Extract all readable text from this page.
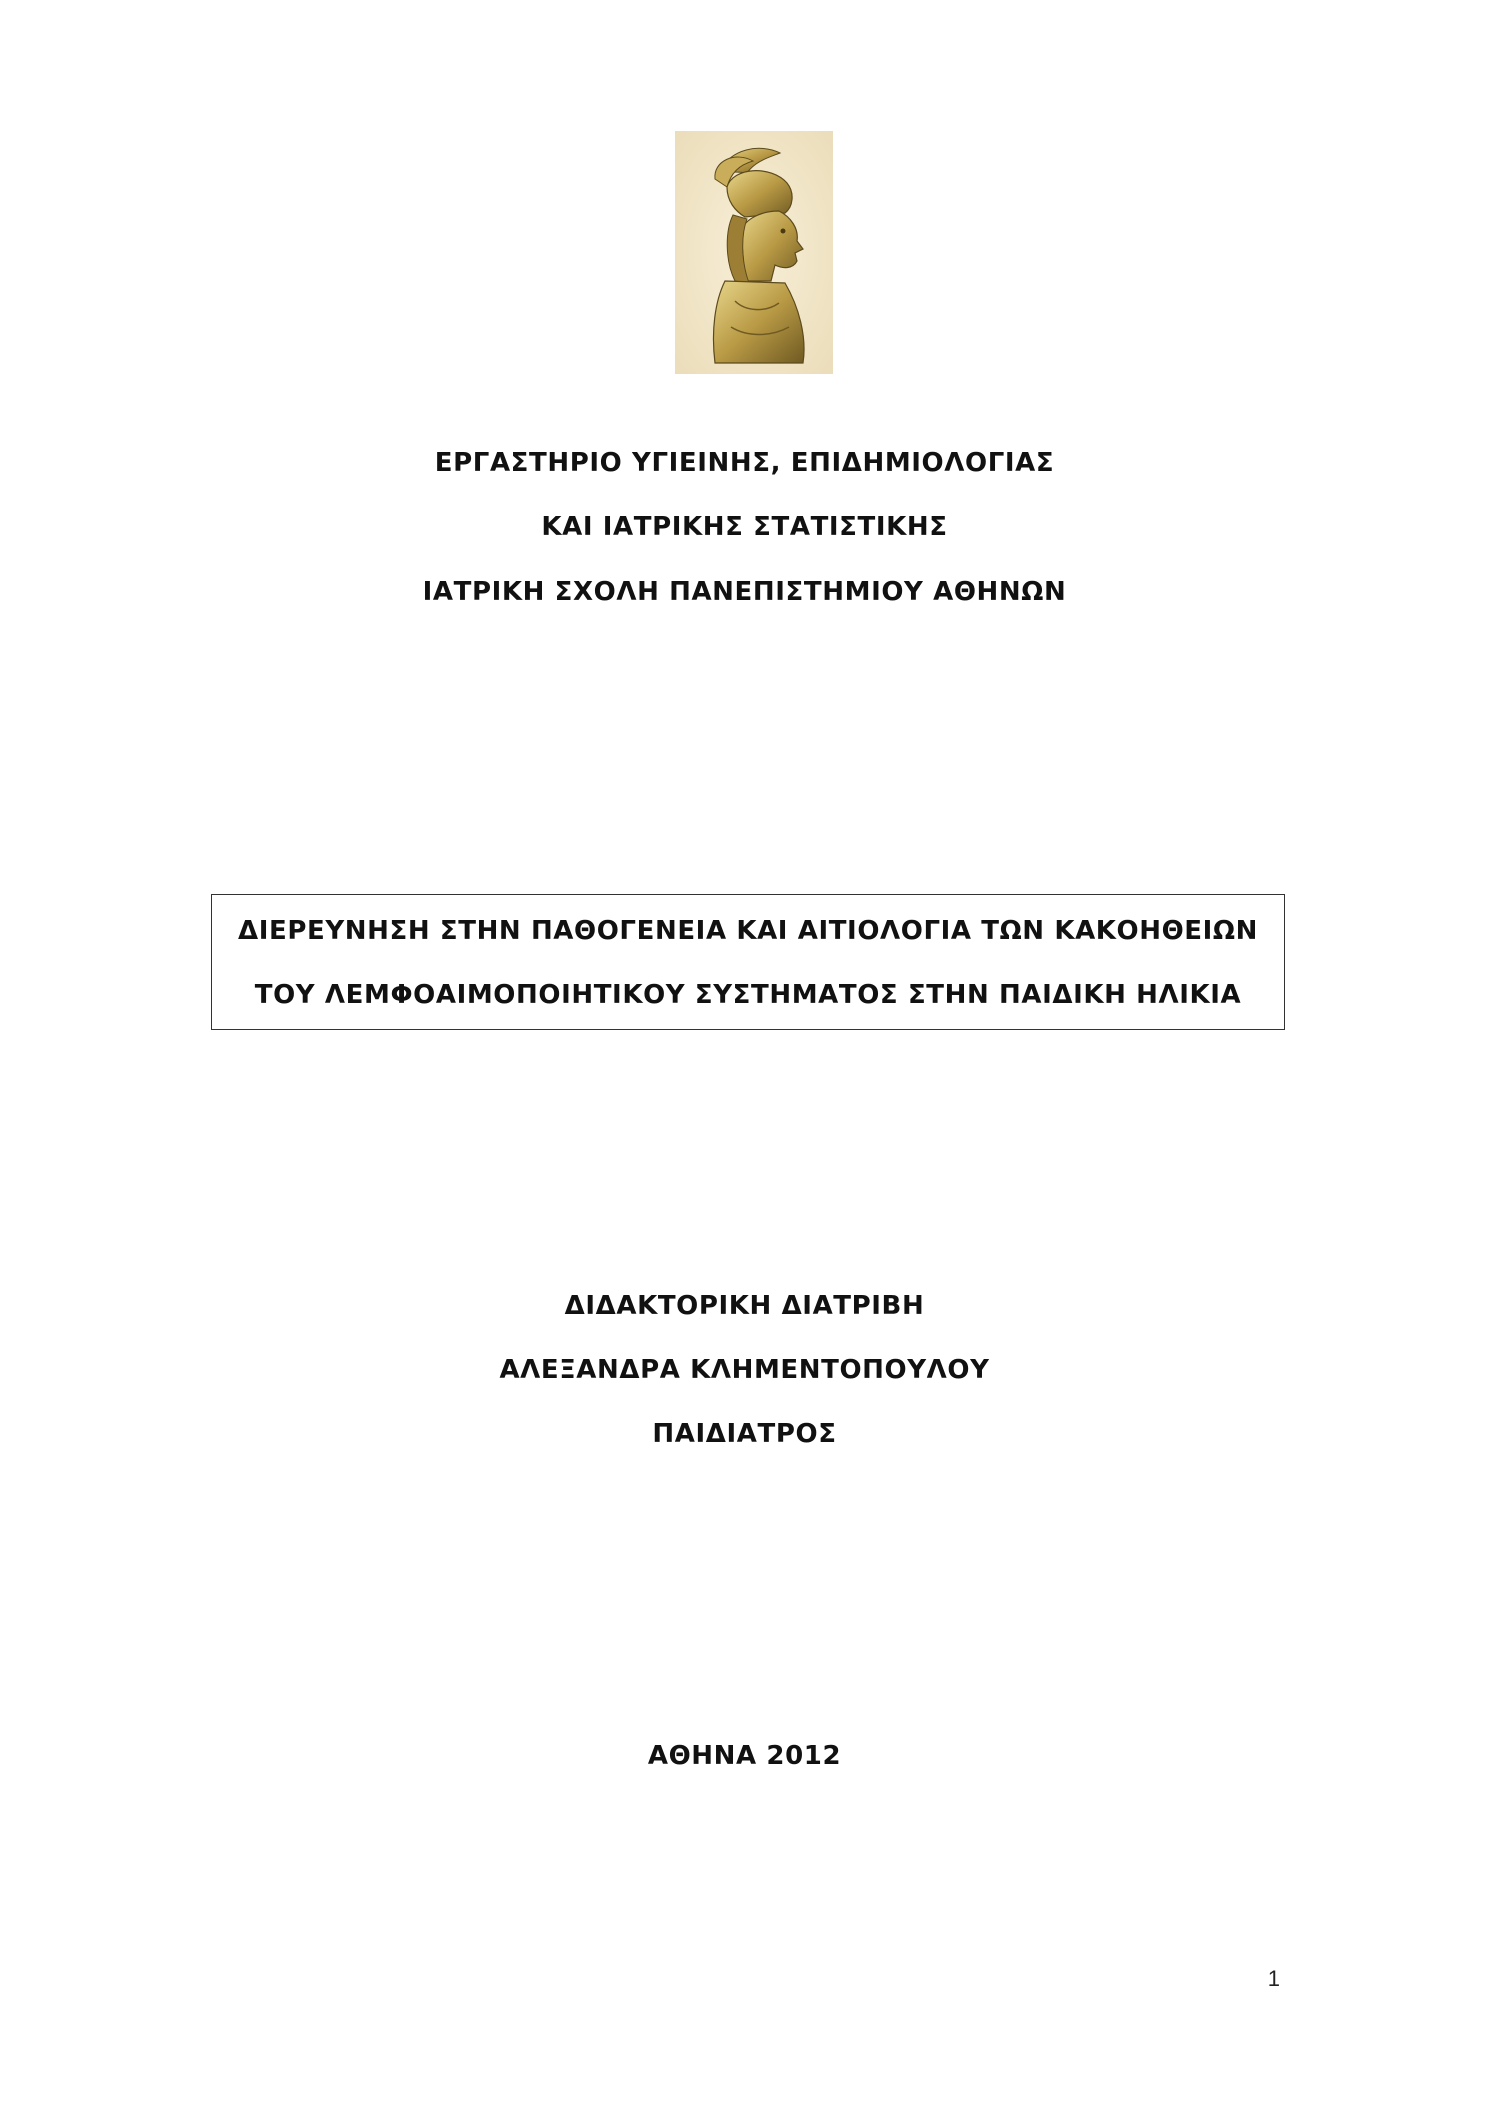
ΕΡΓΑΣΤΗΡΙΟ ΥΓΙΕΙΝΗΣ, ΕΠΙΔΗΜΙΟΛΟΓΙΑΣ
ΚΑΙ ΙΑΤΡΙΚΗΣ ΣΤΑΤΙΣΤΙΚΗΣ
ΙΑΤΡΙΚΗ ΣΧΟΛΗ ΠΑΝΕΠΙΣΤΗΜΙΟΥ ΑΘΗΝΩΝ
ΔΙΕΡΕΥΝΗΣΗ ΣΤΗΝ ΠΑΘΟΓΕΝΕΙΑ ΚΑΙ ΑΙΤΙΟΛΟΓΙΑ ΤΩΝ ΚΑΚΟΗΘΕΙΩΝ
ΤΟΥ ΛΕΜΦΟΑΙΜΟΠΟΙΗΤΙΚΟΥ ΣΥΣΤΗΜΑΤΟΣ ΣΤΗΝ ΠΑΙΔΙΚΗ ΗΛΙΚΙΑ
ΔΙΔΑΚΤΟΡΙΚΗ ΔΙΑΤΡΙΒΗ
ΑΛΕΞΑΝΔΡΑ ΚΛΗΜΕΝΤΟΠΟΥΛΟΥ
ΠΑΙΔΙΑΤΡΟΣ
ΑΘΗΝΑ 2012
1
